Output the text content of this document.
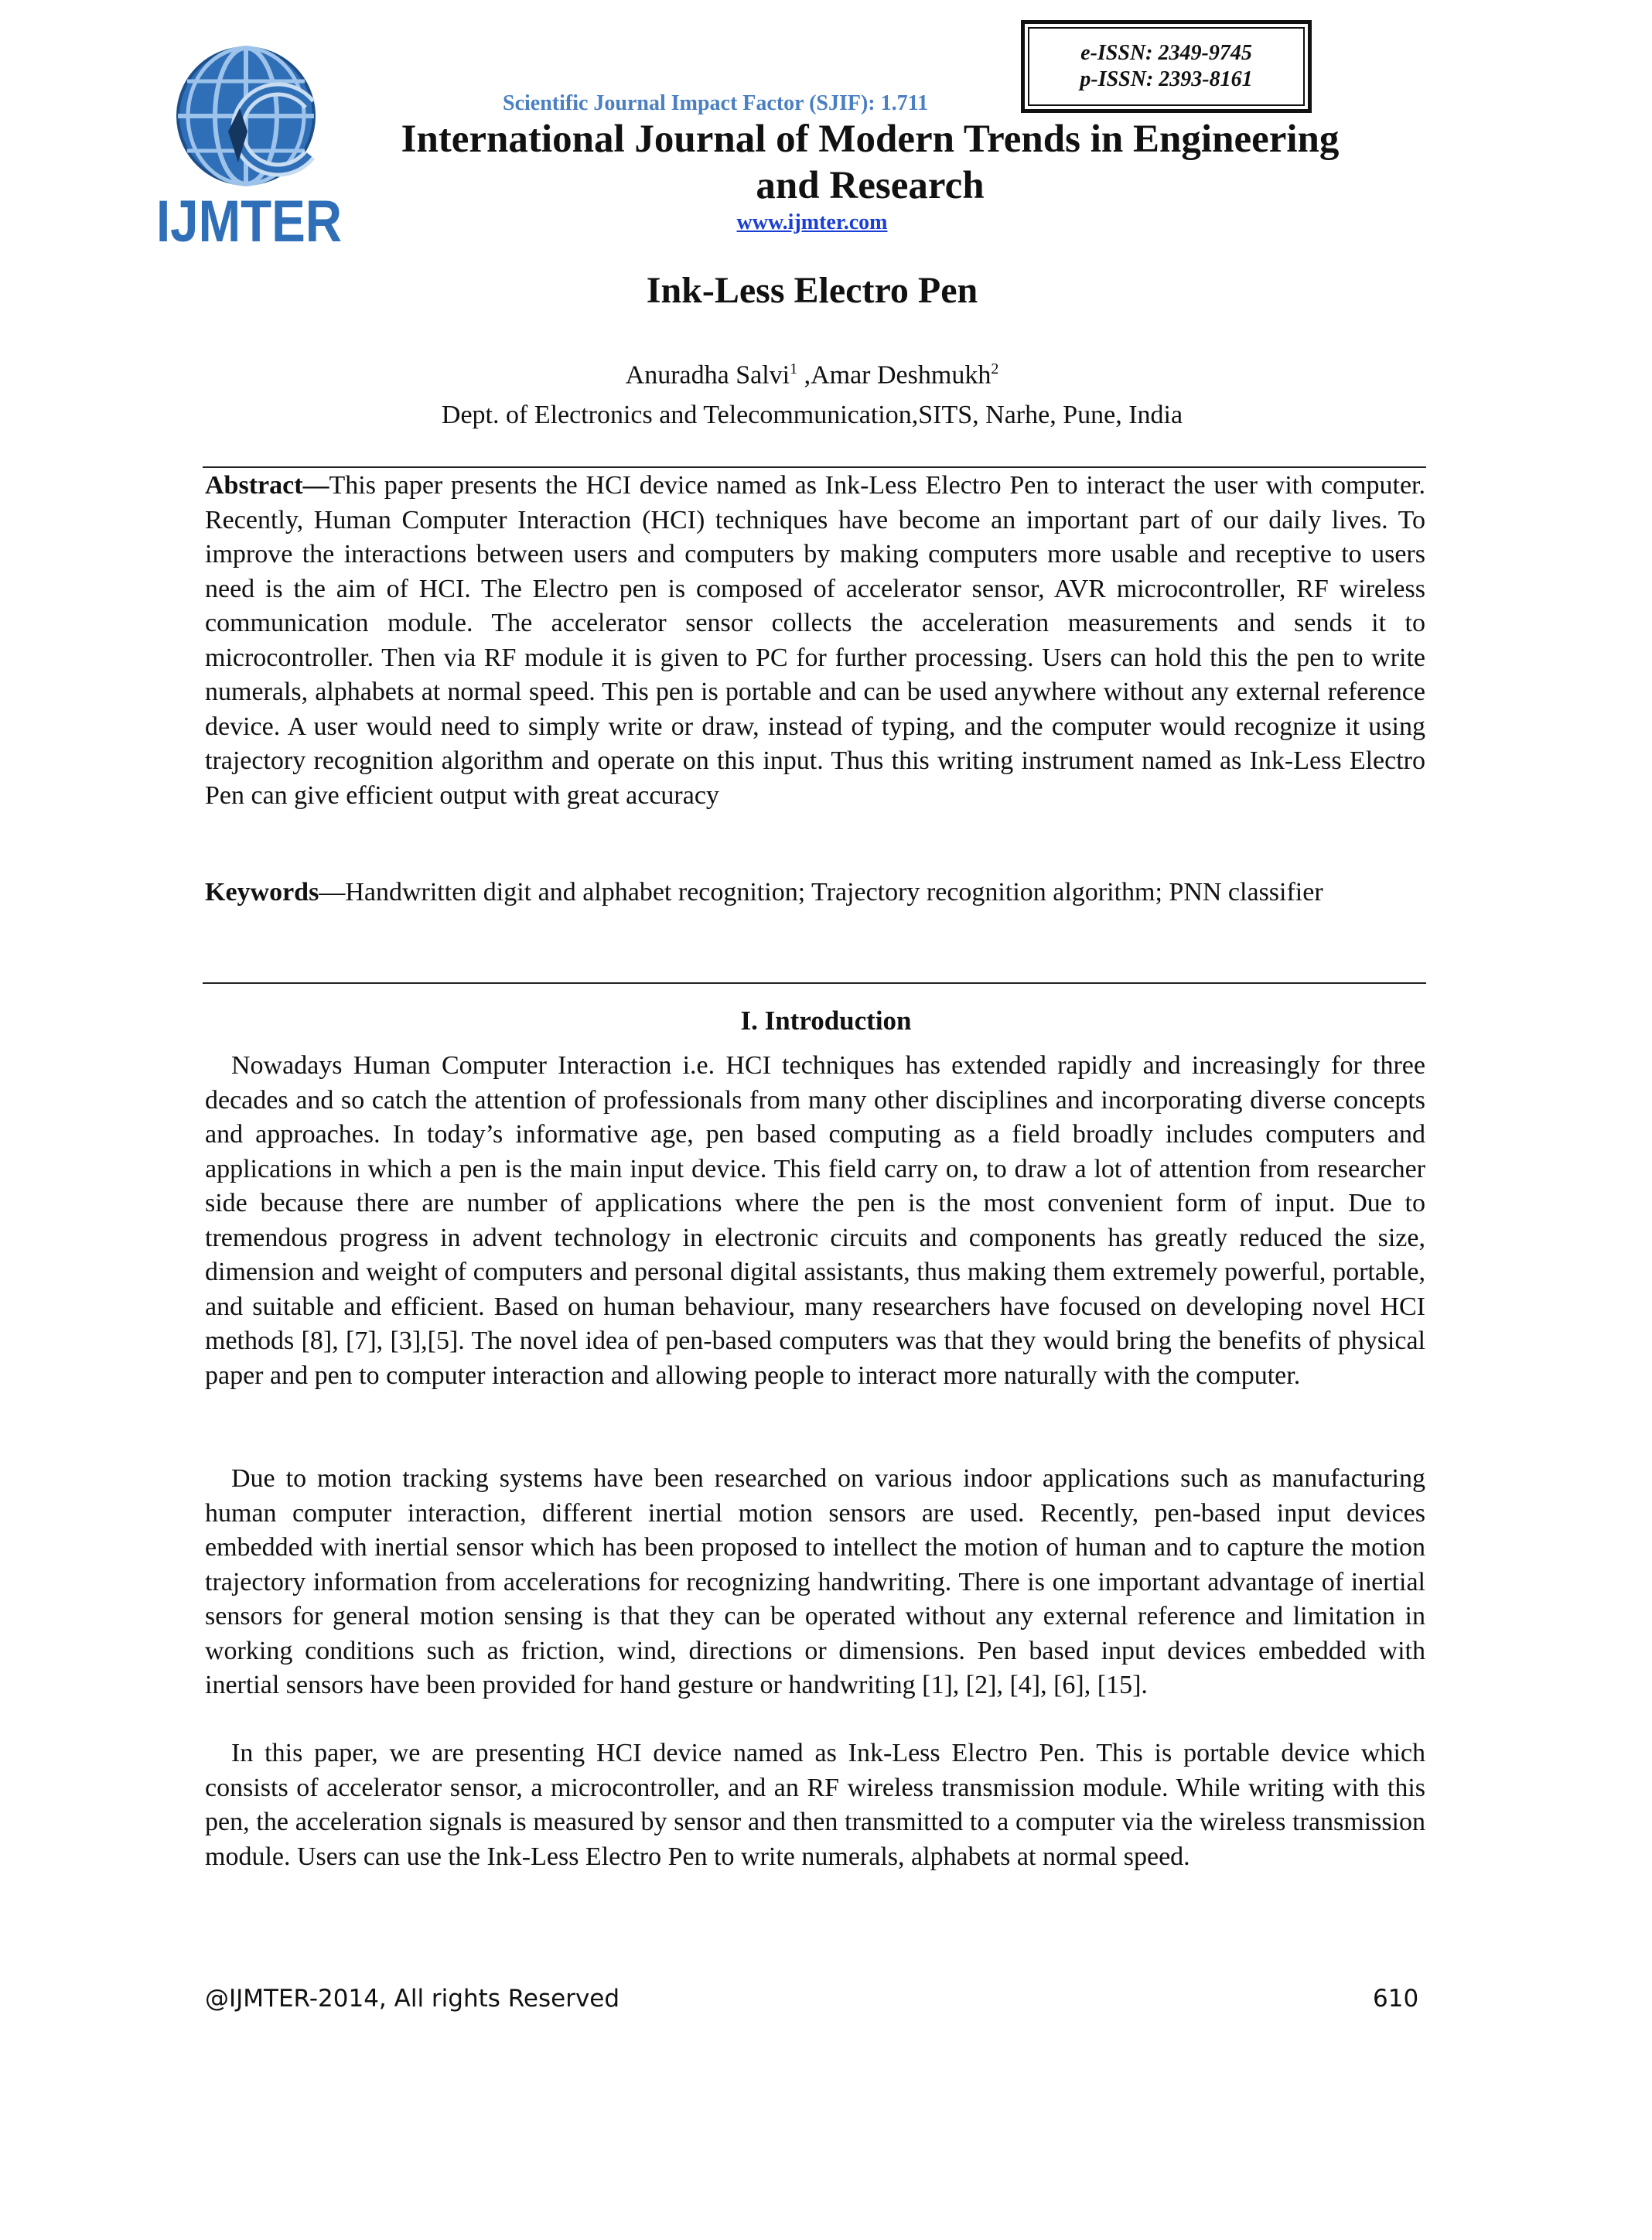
IJMTER
Scientific Journal Impact Factor (SJIF): 1.711
e-ISSN: 2349-9745
p-ISSN: 2393-8161
International Journal of Modern Trends in Engineering
and Research
www.ijmter.com
Ink-Less Electro Pen
Anuradha Salvi$^1$ ,Amar Deshmukh$^2$
Dept. of Electronics and Telecommunication,SITS, Narhe, Pune, India
Abstract—This paper presents the HCI device named as Ink-Less Electro Pen to interact the user with computer. Recently, Human Computer Interaction (HCI) techniques have become an important part of our daily lives. To improve the interactions between users and computers by making computers more usable and receptive to users need is the aim of HCI. The Electro pen is composed of accelerator sensor, AVR microcontroller, RF wireless communication module. The accelerator sensor collects the acceleration measurements and sends it to microcontroller. Then via RF module it is given to PC for further processing. Users can hold this the pen to write numerals, alphabets at normal speed. This pen is portable and can be used anywhere without any external reference device. A user would need to simply write or draw, instead of typing, and the computer would recognize it using trajectory recognition algorithm and operate on this input. Thus this writing instrument named as Ink-Less Electro Pen can give efficient output with great accuracy
Keywords—Handwritten digit and alphabet recognition; Trajectory recognition algorithm; PNN classifier
I. Introduction
Nowadays Human Computer Interaction i.e. HCI techniques has extended rapidly and increasingly for three decades and so catch the attention of professionals from many other disciplines and incorporating diverse concepts and approaches. In today’s informative age, pen based computing as a field broadly includes computers and applications in which a pen is the main input device. This field carry on, to draw a lot of attention from researcher side because there are number of applications where the pen is the most convenient form of input. Due to tremendous progress in advent technology in electronic circuits and components has greatly reduced the size, dimension and weight of computers and personal digital assistants, thus making them extremely powerful, portable, and suitable and efficient. Based on human behaviour, many researchers have focused on developing novel HCI methods [8], [7], [3],[5]. The novel idea of pen-based computers was that they would bring the benefits of physical paper and pen to computer interaction and allowing people to interact more naturally with the computer.
Due to motion tracking systems have been researched on various indoor applications such as manufacturing human computer interaction, different inertial motion sensors are used. Recently, pen-based input devices embedded with inertial sensor which has been proposed to intellect the motion of human and to capture the motion trajectory information from accelerations for recognizing handwriting. There is one important advantage of inertial sensors for general motion sensing is that they can be operated without any external reference and limitation in working conditions such as friction, wind, directions or dimensions. Pen based input devices embedded with inertial sensors have been provided for hand gesture or handwriting [1], [2], [4], [6], [15].
In this paper, we are presenting HCI device named as Ink-Less Electro Pen. This is portable device which consists of accelerator sensor, a microcontroller, and an RF wireless transmission module. While writing with this pen, the acceleration signals is measured by sensor and then transmitted to a computer via the wireless transmission module. Users can use the Ink-Less Electro Pen to write numerals, alphabets at normal speed.
@IJMTER-2014, All rights Reserved	610
